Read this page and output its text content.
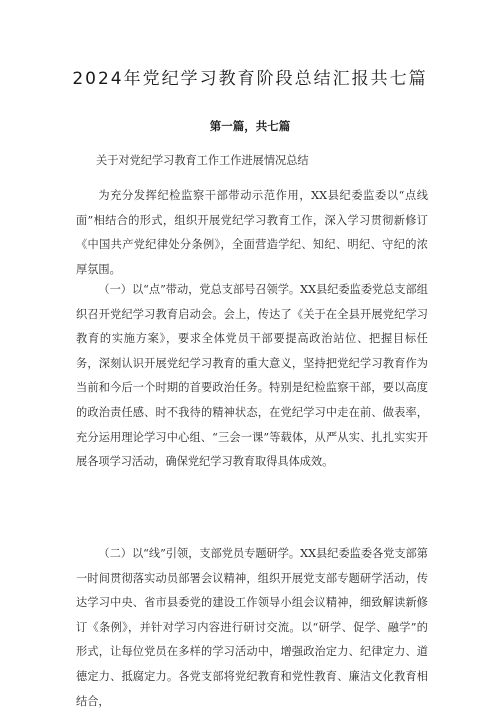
2024年党纪学习教育阶段总结汇报共七篇
第一篇，共七篇
关于对党纪学习教育工作工作进展情况总结

为充分发挥纪检监察干部带动示范作用，XX县纪委监委以“点线面”相结合的形式，组织开展党纪学习教育工作，深入学习贯彻新修订《中国共产党纪律处分条例》，全面营造学纪、知纪、明纪、守纪的浓厚氛围。

（一）以“点”带动，党总支部号召领学。XX县纪委监委党总支部组织召开党纪学习教育启动会。会上，传达了《关于在全县开展党纪学习教育的实施方案》，要求全体党员干部要提高政治站位、把握目标任务，深刻认识开展党纪学习教育的重大意义，坚持把党纪学习教育作为当前和今后一个时期的首要政治任务。特别是纪检监察干部，要以高度的政治责任感、时不我待的精神状态，在党纪学习中走在前、做表率，充分运用理论学习中心组、“三会一课”等载体，从严从实、扎扎实实开展各项学习活动，确保党纪学习教育取得具体成效。

（二）以“线”引领，支部党员专题研学。XX县纪委监委各党支部第一时间贯彻落实动员部署会议精神，组织开展党支部专题研学活动，传达学习中央、省市县委党的建设工作领导小组会议精神，细致解读新修订《条例》，并针对学习内容进行研讨交流。以“研学、促学、融学”的形式，让每位党员在多样的学习活动中，增强政治定力、纪律定力、道德定力、抵腐定力。各党支部将党纪教育和党性教育、廉洁文化教育相结合，
